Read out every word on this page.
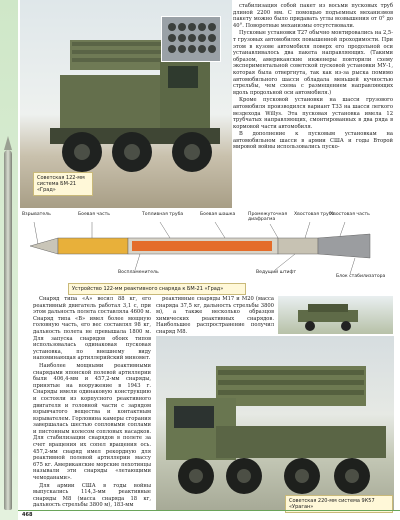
Советская 122-мм система БМ-21 «Град»

стабилизация собой пакет из восьми пусковых труб длиной 2200 мм. С помощью подъемных механизмов пакету можно было придавать углы возвышения от 0° до 40°. Поворотные механизмы отсутствовали.

Пусковые установки Т27 обычно монтировались на 2,5-т грузовых автомобилях повышенной проходимости. При этом в кузове автомобиля поверх его продольной оси устанавливалось два пакета направляющих. (Такими образом, американские инженеры повторили схему экспериментальной советской пусковой установки МУ-1, которая была отвергнута, так как из-за рыска помимо автомобильного шасси обладала меньшей кучностью стрельбы, чем схема с размещением направляющих вдоль продольной оси автомобиля.)

Кроме пусковой установки на шасси грузового автомобиля производился вариант Т33 на шасси легкого вездехода Willys. Эта пусковая установка имела 12 трубчатых направляющих, смонтированных в два ряда в кормовой части автомобиля.

В дополнение к пусковым установкам на автомобильном шасси в армии США и годы Второй мировой войны использовались пуско-

Взрыватель	Боевая часть	Топливная труба	Боевая шашка	Промежуточная диафрагма
Хвостовая труба
Хвостовая часть
Воспламенитель	Ведущий штифт
Блок стабилизатора
Устройство 122-мм реактивного снаряда к БМ-21 «Град»

Снаряд типа «А» весил 88 кг, его реактивный двигатель работал 3,1 с, при этом дальность полета составляла 4600 м. Снаряд типа «В» имел более мощную головную часть, его вес составлял 98 кг, дальность полета не превышала 1800 м. Для запуска снарядов обоих типов использовалась одинаковая пусковая установка, по внешнему виду напоминающая артиллерийский миномет.

Наиболее мощными реактивными снарядами японской полевой артиллерии были 406,4-мм и 457,2-мм снаряды, принятые на вооружение в 1943 г. Снаряды имели одинаковую конструкцию и состояли из корпусного реактивного двигателя и головной части с зарядом взрывчатого вещества и контактным взрывателем. Горловина камеры сгорания завершалась шестью сопловыми соплами и пистонным колесом сопловых насадков. Для стабилизации снарядов в полете за счет вращения их сопел вращения ось. 457,2-мм снаряд имел рекордную для реактивной полевой артиллерии массу 675 кг. Американские морские пехотинцы называли эти снаряды «летающими чемоданами».

Для армии США в годы войны выпускались 114,3-мм реактивные снаряды М8 (масса снаряда 18 кг, дальность стрельбы 3800 м), 183-мм

реактивные снаряды М17 и М20 (масса снаряда 37,5 кг, дальность стрельбы 3800 м), а также несколько образцов химических реактивных снарядов. Наибольшее распространение получил снаряд М8.

Советская 220-мм система 9К57 «Ураган»
468
